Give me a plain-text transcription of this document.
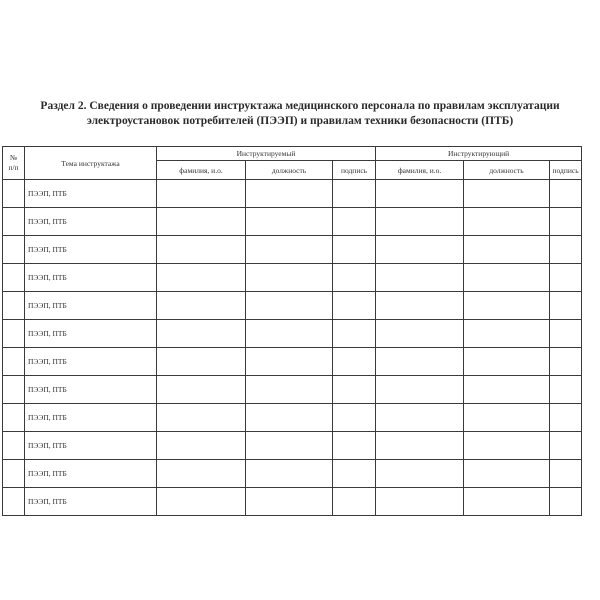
Раздел 2. Сведения о проведении инструктажа медицинского персонала по правилам эксплуатации
электроустановок потребителей (ПЭЭП) и правилам техники безопасности (ПТБ)
№
п/п	Тема инструктажа	Инструктируемый			Инструктирующий		
		фамилия, и.о.	должность	подпись	фамилия, и.о.	должность	подпись
	ПЭЭП, ПТБ						
	ПЭЭП, ПТБ						
	ПЭЭП, ПТБ						
	ПЭЭП, ПТБ						
	ПЭЭП, ПТБ						
	ПЭЭП, ПТБ						
	ПЭЭП, ПТБ						
	ПЭЭП, ПТБ						
	ПЭЭП, ПТБ						
	ПЭЭП, ПТБ						
	ПЭЭП, ПТБ						
	ПЭЭП, ПТБ						
